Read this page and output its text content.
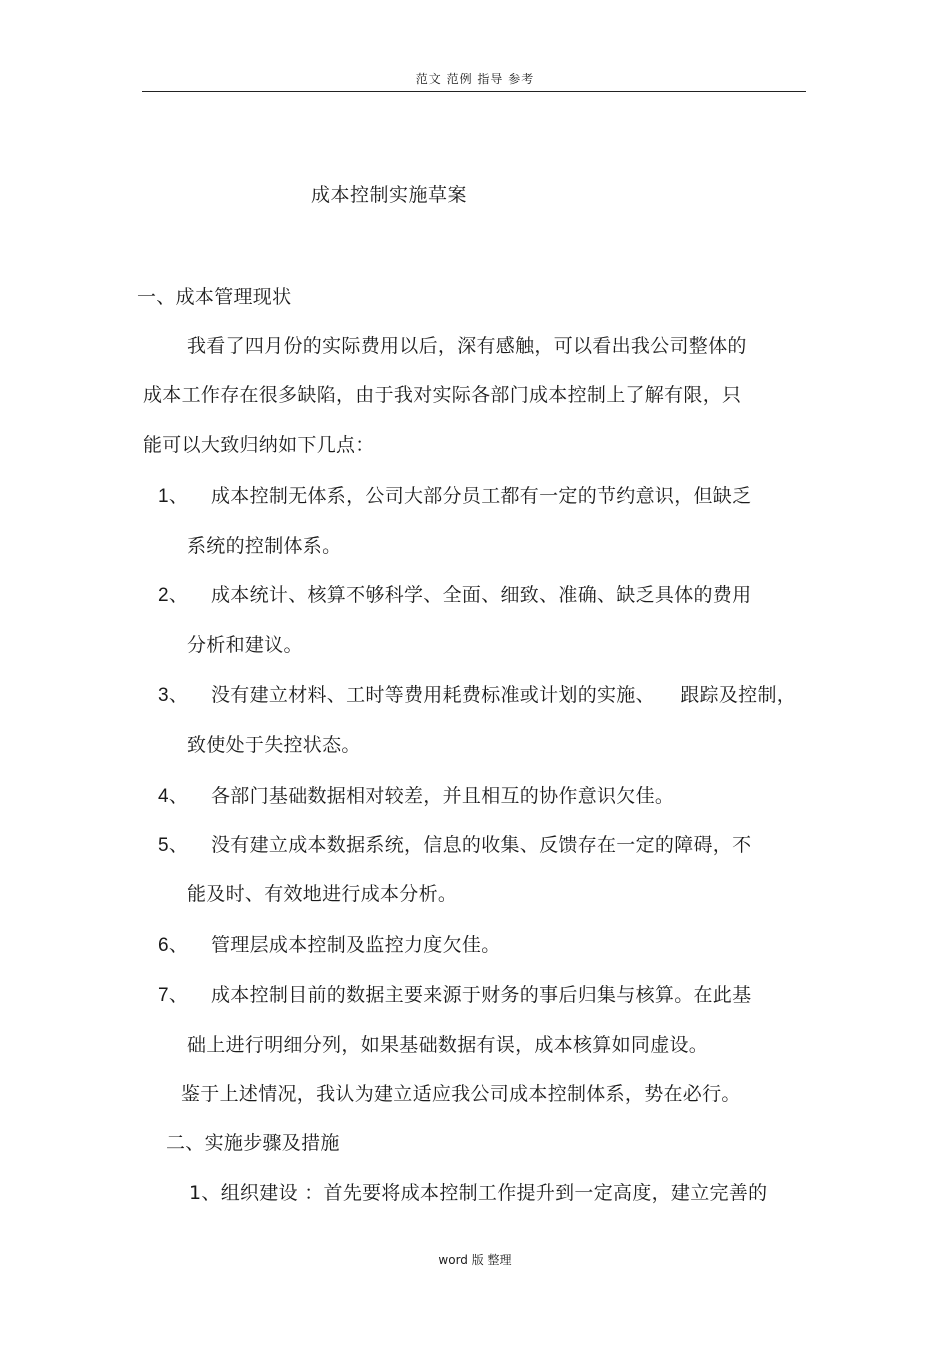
范文 范例 指导 参考
成本控制实施草案
一、成本管理现状
我看了四月份的实际费用以后，深有感触，可以看出我公司整体的
成本工作存在很多缺陷，由于我对实际各部门成本控制上了解有限，只
能可以大致归纳如下几点：
1、 成本控制无体系，公司大部分员工都有一定的节约意识，但缺乏
系统的控制体系。
2、 成本统计、核算不够科学、全面、细致、准确、缺乏具体的费用
分析和建议。
3、 没有建立材料、工时等费用耗费标准或计划的实施、    跟踪及控制，
致使处于失控状态。
4、 各部门基础数据相对较差，并且相互的协作意识欠佳。
5、 没有建立成本数据系统，信息的收集、反馈存在一定的障碍，不
能及时、有效地进行成本分析。
6、 管理层成本控制及监控力度欠佳。
7、 成本控制目前的数据主要来源于财务的事后归集与核算。在此基
础上进行明细分列，如果基础数据有误，成本核算如同虚设。
鉴于上述情况，我认为建立适应我公司成本控制体系，势在必行。
二、实施步骤及措施
1、组织建设 ：首先要将成本控制工作提升到一定高度，建立完善的
word 版 整理
